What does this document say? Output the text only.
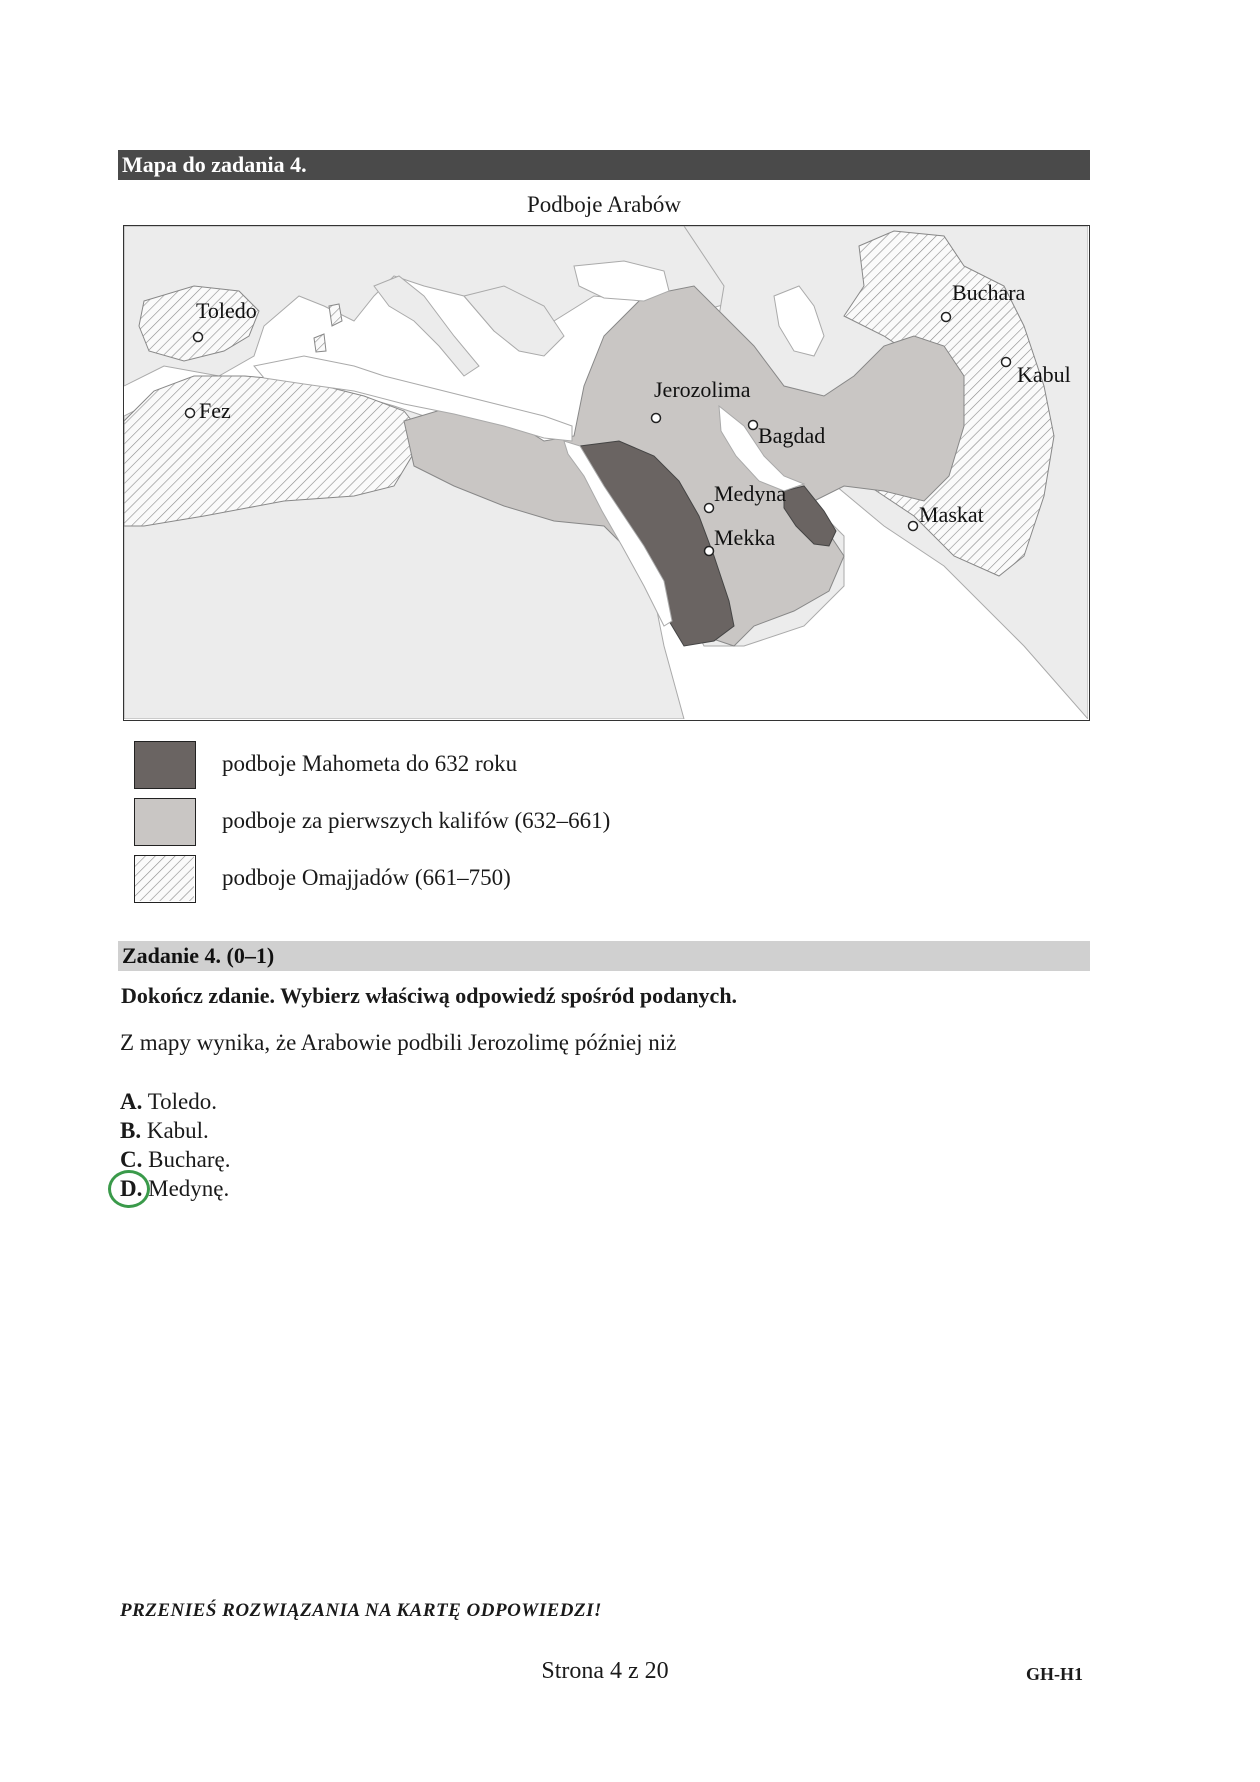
Mapa do zadania 4.
Podboje Arabów
Toledo
Fez
Jerozolima
Bagdad
Medyna
Mekka
Maskat
Buchara
Kabul
podboje Mahometa do 632 roku
podboje za pierwszych kalifów (632–661)
podboje Omajjadów (661–750)
Zadanie 4. (0–1)
Dokończ zdanie. Wybierz właściwą odpowiedź spośród podanych.
Z mapy wynika, że Arabowie podbili Jerozolimę później niż
A. Toledo.
B. Kabul.
C. Bucharę.
D. Medynę.
PRZENIEŚ ROZWIĄZANIA NA KARTĘ ODPOWIEDZI!
Strona 4 z 20	GH-H1
